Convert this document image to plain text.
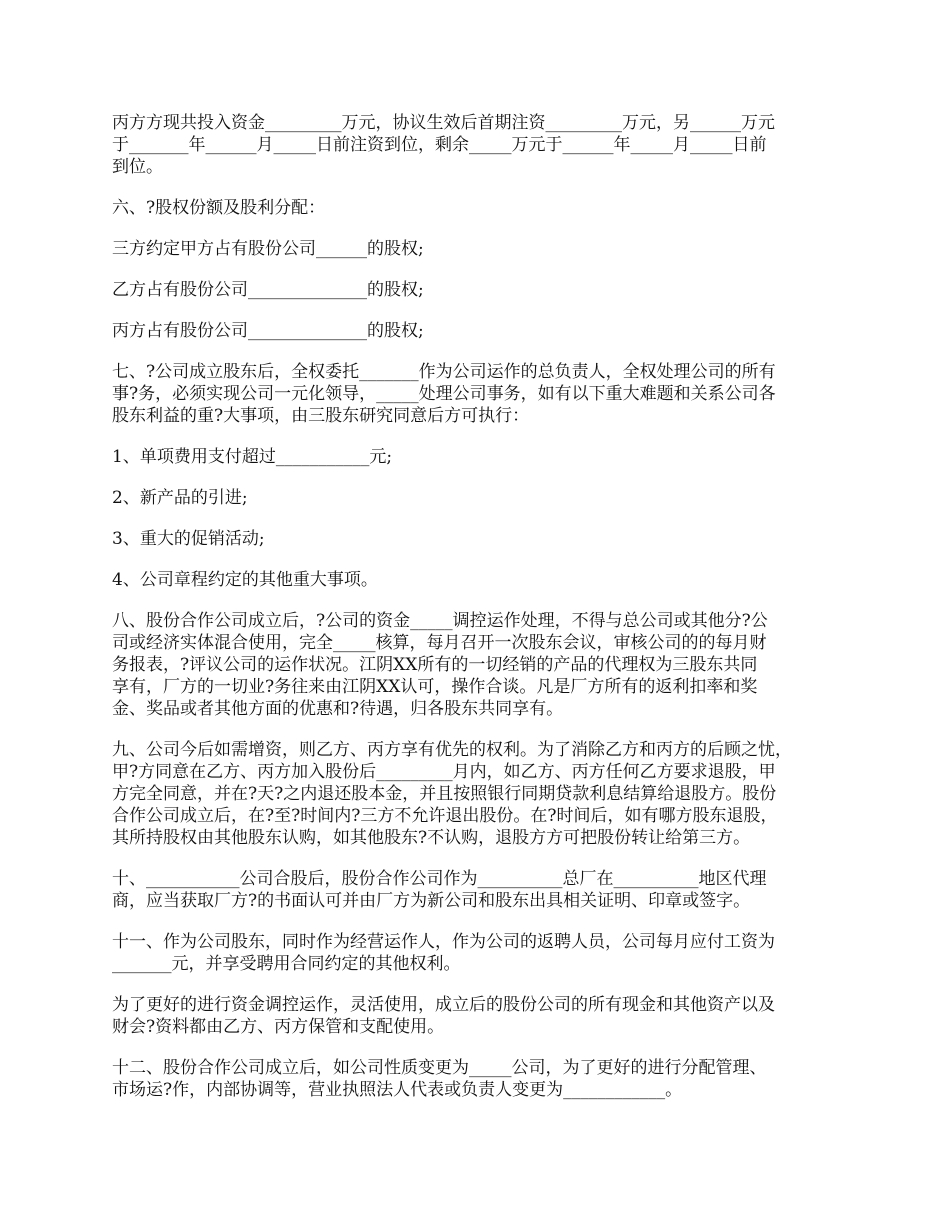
丙方方现共投入资金_________万元，协议生效后首期注资_________万元，另______万元
于_______年______月_____日前注资到位，剩余_____万元于______年_____月_____日前
到位。
六、?股权份额及股利分配：
三方约定甲方占有股份公司______的股权;
乙方占有股份公司______________的股权;
丙方占有股份公司______________的股权;
七、?公司成立股东后，全权委托_______作为公司运作的总负责人，全权处理公司的所有
事?务，必须实现公司一元化领导，_____处理公司事务，如有以下重大难题和关系公司各
股东利益的重?大事项，由三股东研究同意后方可执行：
1、单项费用支付超过___________元;
2、新产品的引进;
3、重大的促销活动;
4、公司章程约定的其他重大事项。
八、股份合作公司成立后，?公司的资金_____调控运作处理，不得与总公司或其他分?公
司或经济实体混合使用，完全_____核算，每月召开一次股东会议，审核公司的的每月财
务报表，?评议公司的运作状况。江阴XX所有的一切经销的产品的代理权为三股东共同
享有，厂方的一切业?务往来由江阴XX认可，操作合谈。凡是厂方所有的返利扣率和奖
金、奖品或者其他方面的优惠和?待遇，归各股东共同享有。
九、公司今后如需增资，则乙方、丙方享有优先的权利。为了消除乙方和丙方的后顾之忧，
甲?方同意在乙方、丙方加入股份后_________月内，如乙方、丙方任何乙方要求退股，甲
方完全同意，并在?天?之内退还股本金，并且按照银行同期贷款利息结算给退股方。股份
合作公司成立后，在?至?时间内?三方不允许退出股份。在?时间后，如有哪方股东退股，
其所持股权由其他股东认购，如其他股东?不认购，退股方方可把股份转让给第三方。
十、___________公司合股后，股份合作公司作为__________总厂在__________地区代理
商，应当获取厂方?的书面认可并由厂方为新公司和股东出具相关证明、印章或签字。
十一、作为公司股东，同时作为经营运作人，作为公司的返聘人员，公司每月应付工资为
_______元，并享受聘用合同约定的其他权利。
为了更好的进行资金调控运作，灵活使用，成立后的股份公司的所有现金和其他资产以及
财会?资料都由乙方、丙方保管和支配使用。
十二、股份合作公司成立后，如公司性质变更为_____公司，为了更好的进行分配管理、
市场运?作，内部协调等，营业执照法人代表或负责人变更为____________。
